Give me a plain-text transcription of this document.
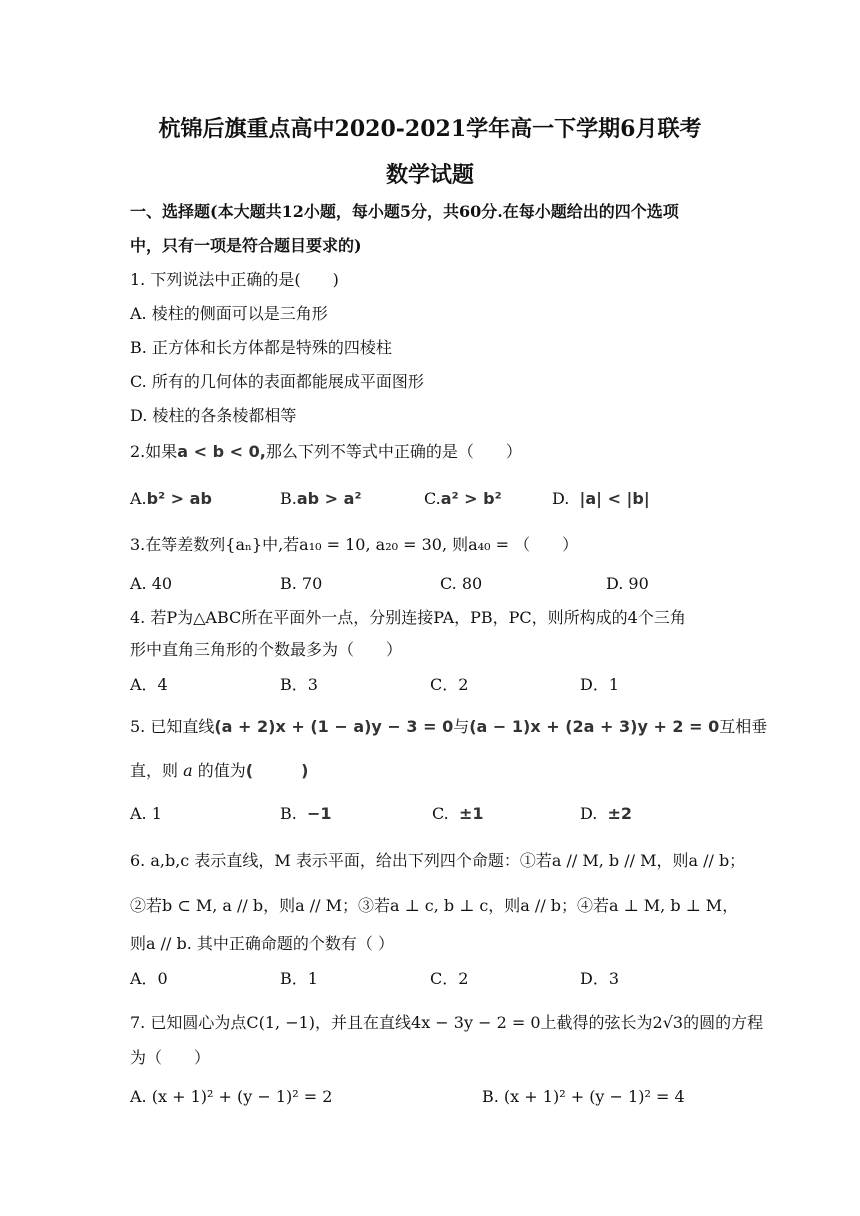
杭锦后旗重点高中2020-2021学年高一下学期6月联考
数学试题
一、选择题(本大题共12小题，每小题5分，共60分.在每小题给出的四个选项
中，只有一项是符合题目要求的)
1. 下列说法中正确的是(　　)
A. 棱柱的侧面可以是三角形
B. 正方体和长方体都是特殊的四棱柱
C. 所有的几何体的表面都能展成平面图形
D. 棱柱的各条棱都相等
2.如果a < b < 0,那么下列不等式中正确的是（　　）
A.b² > ab	B.ab > a²	C.a² > b²	D. |a| < |b|
3.在等差数列{aₙ}中,若a₁₀ = 10, a₂₀ = 30, 则a₄₀ = （　　）
A. 40	B. 70	C. 80	D. 90
4. 若P为△ABC所在平面外一点，分别连接PA，PB，PC，则所构成的4个三角
形中直角三角形的个数最多为（　　）
A．4	B．3	C．2	D．1
5. 已知直线(a + 2)x + (1 − a)y − 3 = 0与(a − 1)x + (2a + 3)y + 2 = 0互相垂
直，则 a 的值为(　　　)
A. 1	B. −1	C. ±1	D. ±2
6. a,b,c 表示直线，M 表示平面，给出下列四个命题：①若a // M, b // M，则a // b；
②若b ⊂ M, a // b，则a // M；③若a ⊥ c, b ⊥ c，则a // b；④若a ⊥ M, b ⊥ M，
则a // b. 其中正确命题的个数有（ ）
A．0	B．1	C．2	D．3
7. 已知圆心为点C(1, −1)，并且在直线4x − 3y − 2 = 0上截得的弦长为2√3的圆的方程
为（　　）
A. (x + 1)² + (y − 1)² = 2	B. (x + 1)² + (y − 1)² = 4
